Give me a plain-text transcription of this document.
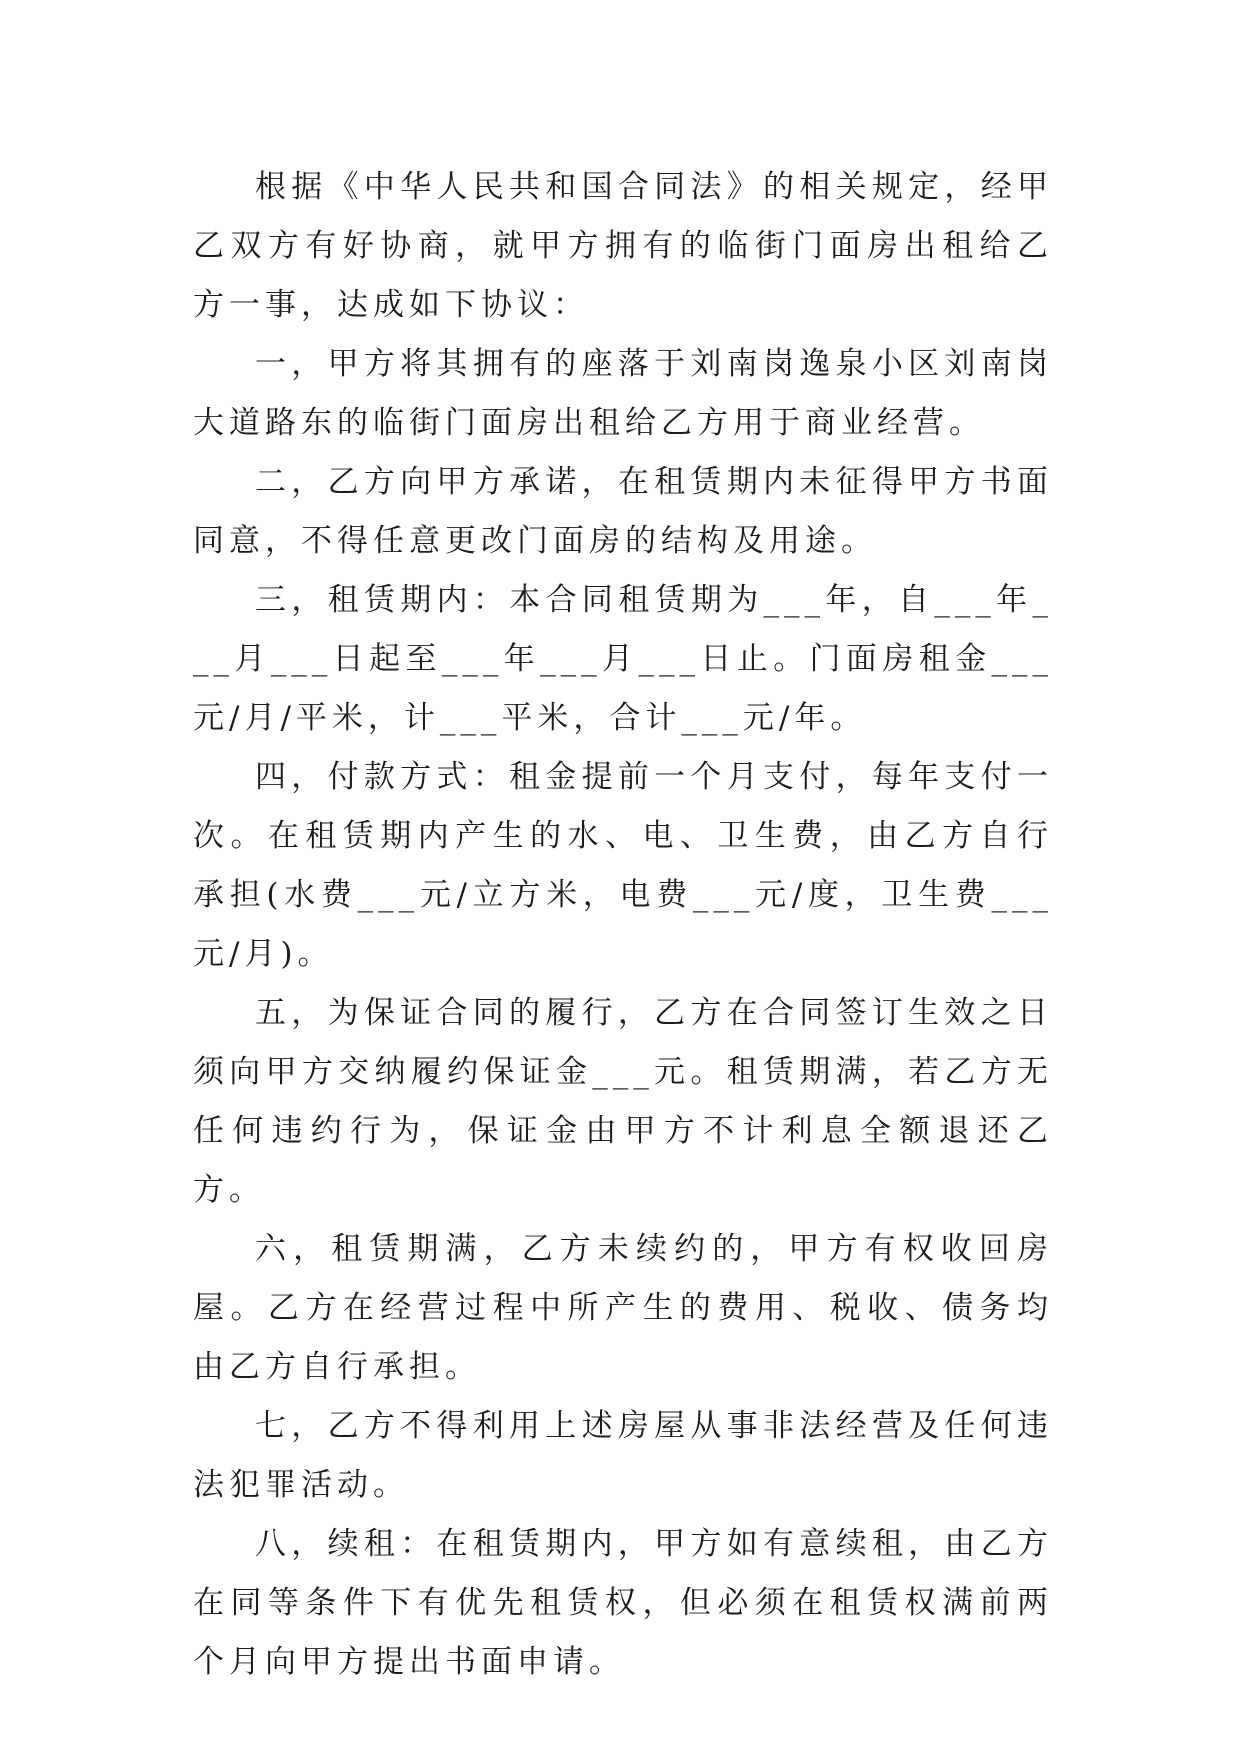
根据《中华人民共和国合同法》的相关规定，经甲乙双方有好协商，就甲方拥有的临街门面房出租给乙方一事，达成如下协议：

一，甲方将其拥有的座落于刘南岗逸泉小区刘南岗大道路东的临街门面房出租给乙方用于商业经营。

二，乙方向甲方承诺，在租赁期内未征得甲方书面同意，不得任意更改门面房的结构及用途。

三，租赁期内：本合同租赁期为___年，自___年___月___日起至___年___月___日止。门面房租金___元/月/平米，计___平米，合计___元/年。

四，付款方式：租金提前一个月支付，每年支付一次。在租赁期内产生的水、电、卫生费，由乙方自行承担(水费___元/立方米，电费___元/度，卫生费___元/月)。

五，为保证合同的履行，乙方在合同签订生效之日须向甲方交纳履约保证金___元。租赁期满，若乙方无任何违约行为，保证金由甲方不计利息全额退还乙方。

六，租赁期满，乙方未续约的，甲方有权收回房屋。乙方在经营过程中所产生的费用、税收、债务均由乙方自行承担。

七，乙方不得利用上述房屋从事非法经营及任何违法犯罪活动。

八，续租：在租赁期内，甲方如有意续租，由乙方在同等条件下有优先租赁权，但必须在租赁权满前两个月向甲方提出书面申请。
